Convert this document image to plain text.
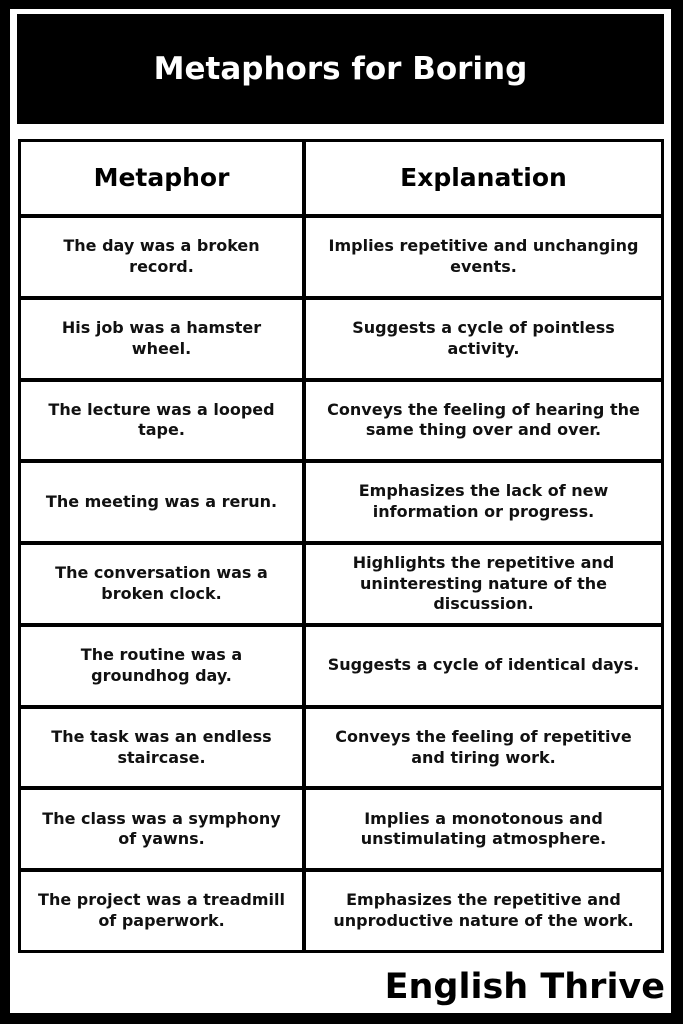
Metaphors for Boring
Metaphor	Explanation
The day was a broken record.
Implies repetitive and unchanging events.
His job was a hamster wheel.
Suggests a cycle of pointless activity.
The lecture was a looped tape.
Conveys the feeling of hearing the same thing over and over.
The meeting was a rerun.
Emphasizes the lack of new information or progress.
The conversation was a broken clock.
Highlights the repetitive and uninteresting nature of the discussion.
The routine was a groundhog day.
Suggests a cycle of identical days.
The task was an endless staircase.
Conveys the feeling of repetitive and tiring work.
The class was a symphony of yawns.
Implies a monotonous and unstimulating atmosphere.
The project was a treadmill of paperwork.
Emphasizes the repetitive and unproductive nature of the work.
English Thrive
